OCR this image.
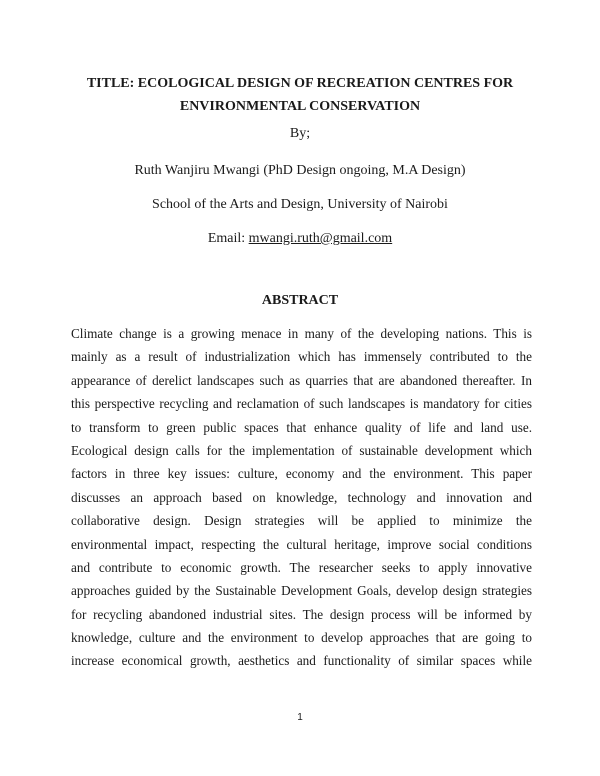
TITLE: ECOLOGICAL DESIGN OF RECREATION CENTRES FOR
ENVIRONMENTAL CONSERVATION

By;

Ruth Wanjiru Mwangi (PhD Design ongoing, M.A Design)

School of the Arts and Design, University of Nairobi

Email: mwangi.ruth@gmail.com

ABSTRACT

Climate change is a growing menace in many of the developing nations. This is
mainly as a result of industrialization which has immensely contributed to the
appearance of derelict landscapes such as quarries that are abandoned thereafter. In
this perspective recycling and reclamation of such landscapes is mandatory for cities
to transform to green public spaces that enhance quality of life and land use.
Ecological design calls for the implementation of sustainable development which
factors in three key issues: culture, economy and the environment. This paper
discusses an approach based on knowledge, technology and innovation and
collaborative design. Design strategies will be applied to minimize the
environmental impact, respecting the cultural heritage, improve social conditions
and contribute to economic growth. The researcher seeks to apply innovative
approaches guided by the Sustainable Development Goals, develop design strategies
for recycling abandoned industrial sites. The design process will be informed by
knowledge, culture and the environment to develop approaches that are going to
increase economical growth, aesthetics and functionality of similar spaces while

1
